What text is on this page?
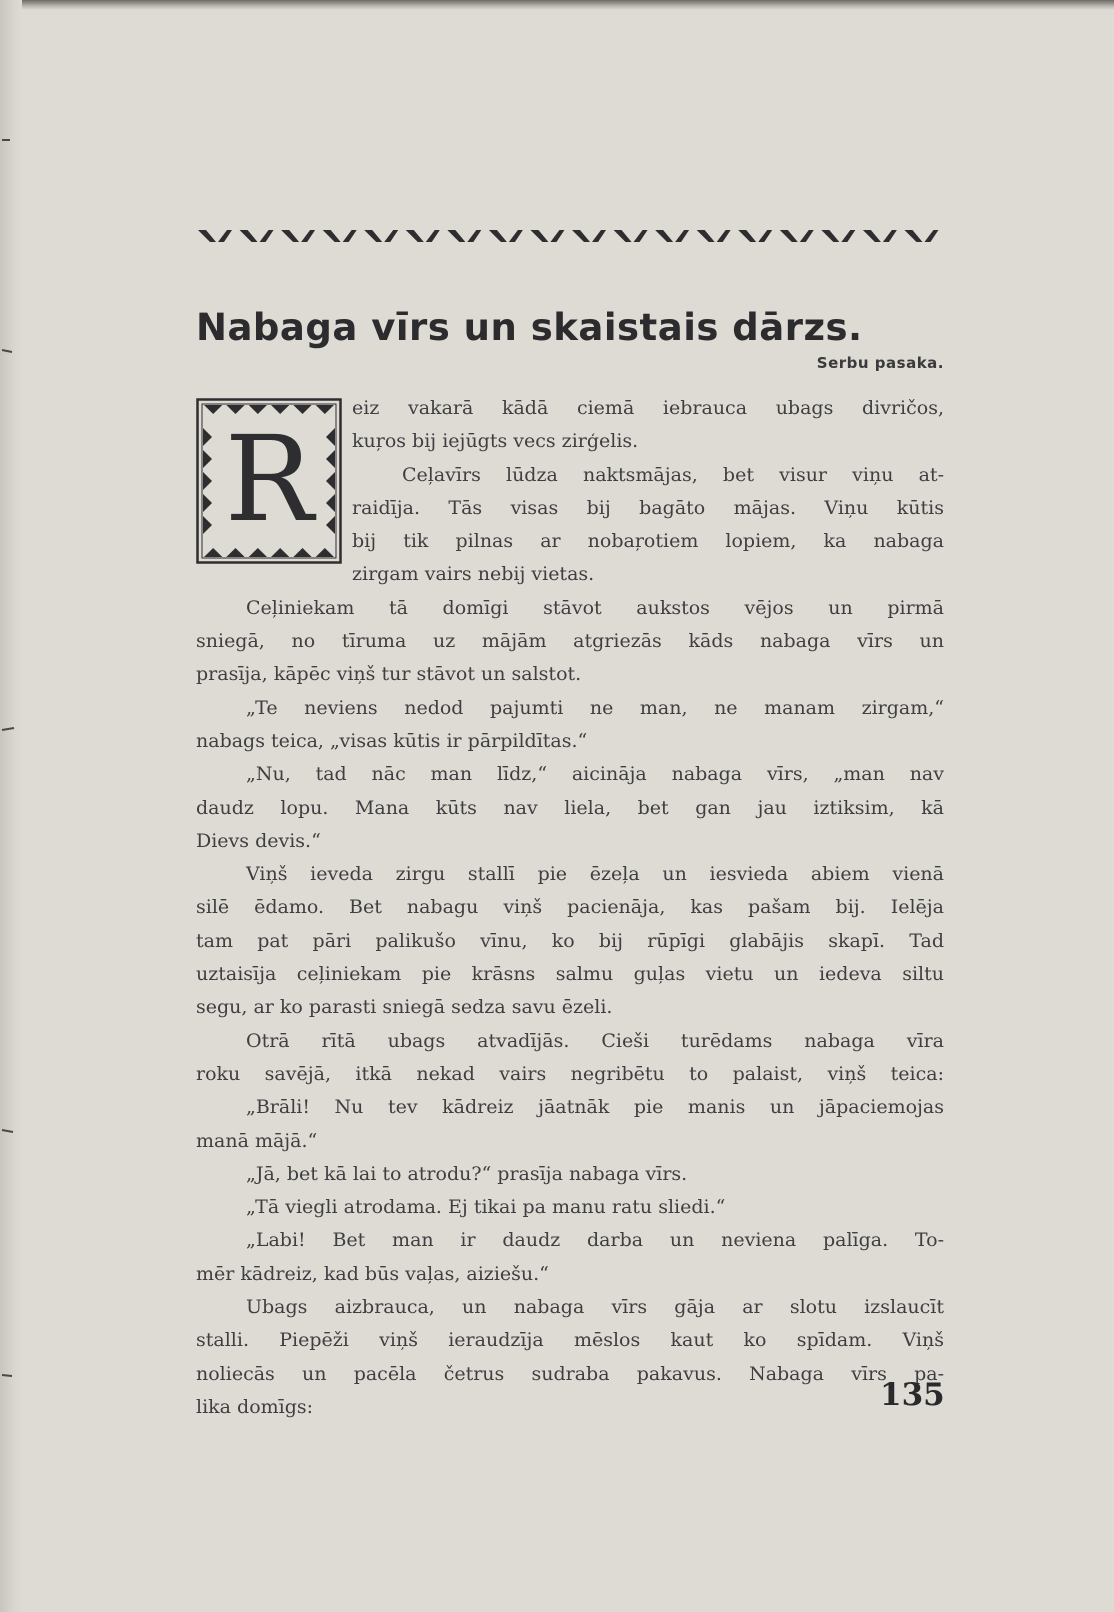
Nabaga vīrs un skaistais dārzs.
Serbu pasaka.
R
eiz vakarā kādā ciemā iebrauca ubags divričos,
kuŗos bij iejūgts vecs zirģelis.
Ceļavīrs lūdza naktsmājas, bet visur viņu at-
raidīja. Tās visas bij bagāto mājas. Viņu kūtis
bij tik pilnas ar nobaŗotiem lopiem, ka nabaga
zirgam vairs nebij vietas.
Ceļiniekam tā domīgi stāvot aukstos vējos un pirmā
sniegā, no tīruma uz mājām atgriezās kāds nabaga vīrs un
prasīja, kāpēc viņš tur stāvot un salstot.
„Te neviens nedod pajumti ne man, ne manam zirgam,“
nabags teica, „visas kūtis ir pārpildītas.“
„Nu, tad nāc man līdz,“ aicināja nabaga vīrs, „man nav
daudz lopu. Mana kūts nav liela, bet gan jau iztiksim, kā
Dievs devis.“
Viņš ieveda zirgu stallī pie ēzeļa un iesvieda abiem vienā
silē ēdamo. Bet nabagu viņš pacienāja, kas pašam bij. Ielēja
tam pat pāri palikušo vīnu, ko bij rūpīgi glabājis skapī. Tad
uztaisīja ceļiniekam pie krāsns salmu guļas vietu un iedeva siltu
segu, ar ko parasti sniegā sedza savu ēzeli.
Otrā rītā ubags atvadījās. Cieši turēdams nabaga vīra
roku savējā, itkā nekad vairs negribētu to palaist, viņš teica:
„Brāli! Nu tev kādreiz jāatnāk pie manis un jāpaciemojas
manā mājā.“
„Jā, bet kā lai to atrodu?“ prasīja nabaga vīrs.
„Tā viegli atrodama. Ej tikai pa manu ratu sliedi.“
„Labi! Bet man ir daudz darba un neviena palīga. To-
mēr kādreiz, kad būs vaļas, aiziešu.“
Ubags aizbrauca, un nabaga vīrs gāja ar slotu izslaucīt
stalli. Piepēži viņš ieraudzīja mēslos kaut ko spīdam. Viņš
noliecās un pacēla četrus sudraba pakavus. Nabaga vīrs pa-
lika domīgs:	135
